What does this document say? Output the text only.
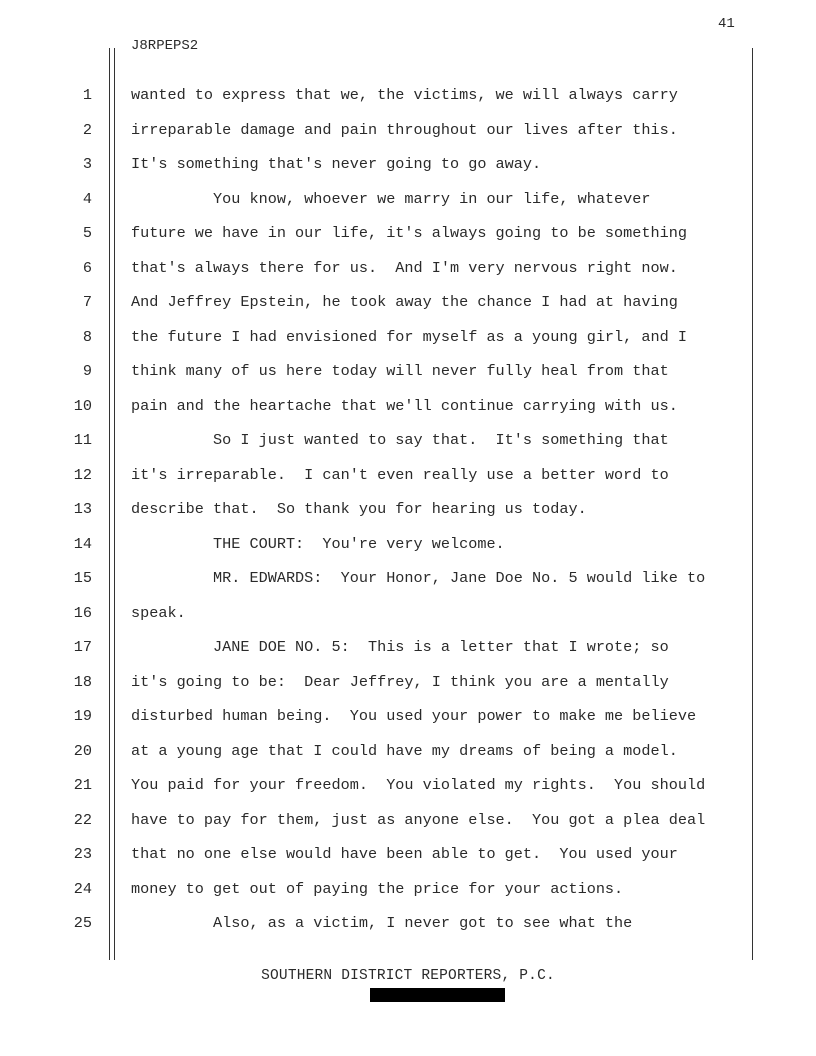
41
J8RPEPS2
1	wanted to express that we, the victims, we will always carry
2	irreparable damage and pain throughout our lives after this.
3	It's something that's never going to go away.
4	You know, whoever we marry in our life, whatever
5	future we have in our life, it's always going to be something
6	that's always there for us.  And I'm very nervous right now.
7	And Jeffrey Epstein, he took away the chance I had at having
8	the future I had envisioned for myself as a young girl, and I
9	think many of us here today will never fully heal from that
10	pain and the heartache that we'll continue carrying with us.
11	So I just wanted to say that.  It's something that
12	it's irreparable.  I can't even really use a better word to
13	describe that.  So thank you for hearing us today.
14	THE COURT:  You're very welcome.
15	MR. EDWARDS:  Your Honor, Jane Doe No. 5 would like to
16	speak.
17	JANE DOE NO. 5:  This is a letter that I wrote; so
18	it's going to be:  Dear Jeffrey, I think you are a mentally
19	disturbed human being.  You used your power to make me believe
20	at a young age that I could have my dreams of being a model.
21	You paid for your freedom.  You violated my rights.  You should
22	have to pay for them, just as anyone else.  You got a plea deal
23	that no one else would have been able to get.  You used your
24	money to get out of paying the price for your actions.
25	Also, as a victim, I never got to see what the
SOUTHERN DISTRICT REPORTERS, P.C.
